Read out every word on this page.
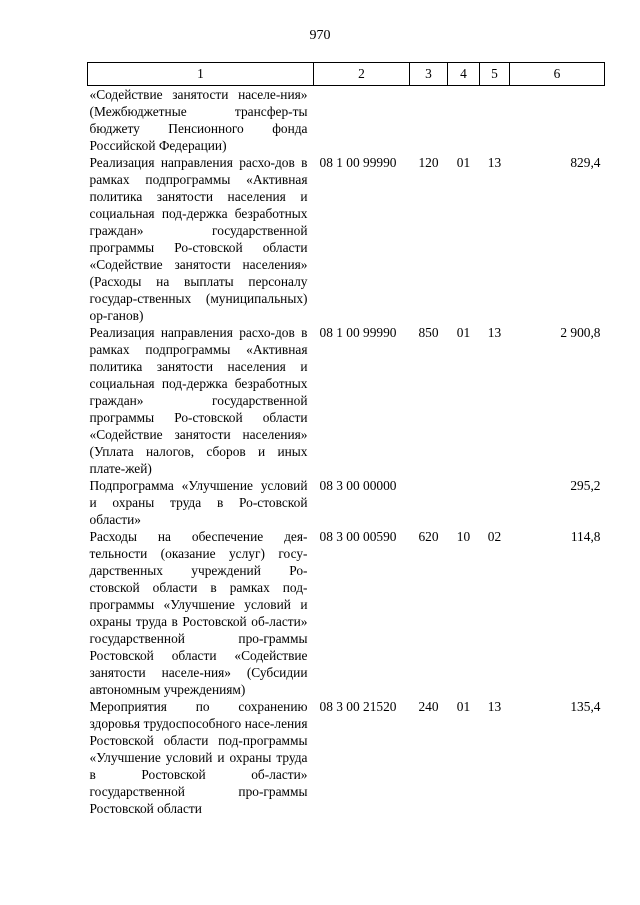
970
1	2	3	4	5	6

«Содействие занятости населе-ния» (Межбюджетные трансфер-ты бюджету Пенсионного фонда Российской Федерации)					

Реализация направления расхо-дов в рамках подпрограммы «Активная политика занятости населения и социальная под-держка безработных граждан» государственной программы Ро-стовской области «Содействие занятости населения» (Расходы на выплаты персоналу государ-ственных (муниципальных) ор-ганов)	08 1 00 99990	120	01	13	829,4

Реализация направления расхо-дов в рамках подпрограммы «Активная политика занятости населения и социальная под-держка безработных граждан» государственной программы Ро-стовской области «Содействие занятости населения» (Уплата налогов, сборов и иных плате-жей)	08 1 00 99990	850	01	13	2 900,8

Подпрограмма «Улучшение условий и охраны труда в Ро-стовской области»	08 3 00 00000				295,2

Расходы на обеспечение дея-тельности (оказание услуг) госу-дарственных учреждений Ро-стовской области в рамках под-программы «Улучшение условий и охраны труда в Ростовской об-ласти» государственной про-граммы Ростовской области «Содействие занятости населе-ния» (Субсидии автономным учреждениям)	08 3 00 00590	620	10	02	114,8

Мероприятия по сохранению здоровья трудоспособного насе-ления Ростовской области под-программы «Улучшение условий и охраны труда в Ростовской об-ласти» государственной про-граммы Ростовской области	08 3 00 21520	240	01	13	135,4
